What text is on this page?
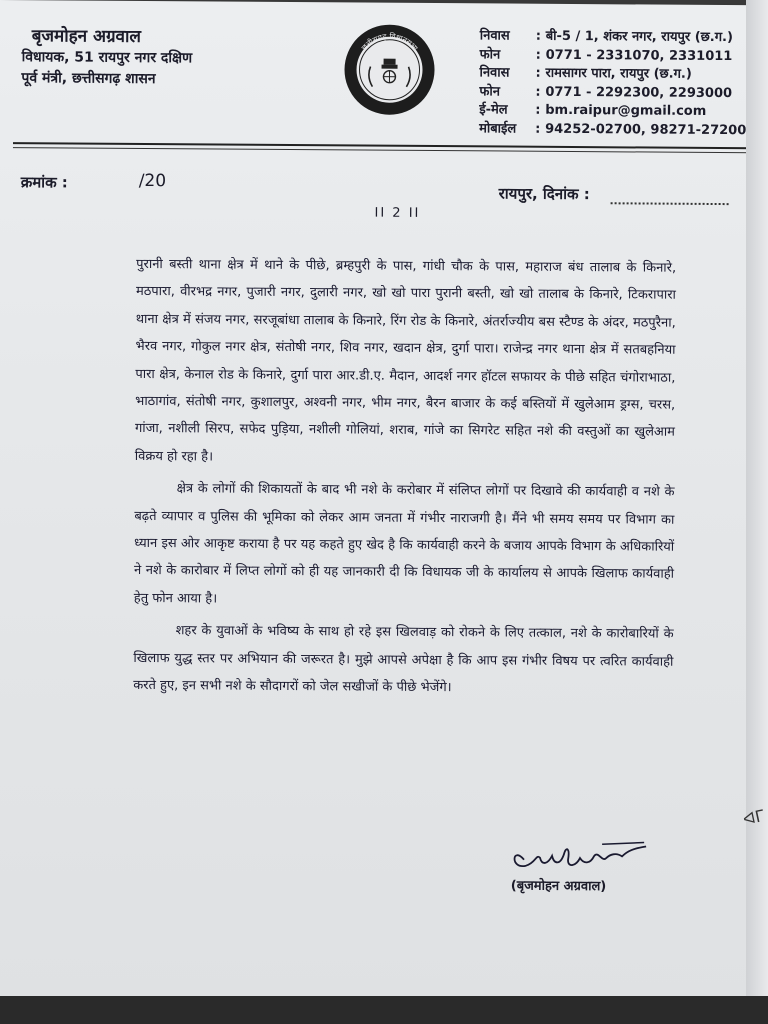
बृजमोहन अग्रवाल
विधायक, 51 रायपुर नगर दक्षिण
पूर्व मंत्री, छत्तीसगढ़ शासन
छत्तीसगढ़ विधानसभा
सत्यमेव जयते
निवास : बी-5 / 1, शंकर नगर, रायपुर (छ.ग.)
फोन	: 0771 - 2331070, 2331011
निवास : रामसागर पारा, रायपुर (छ.ग.)
फोन	: 0771 - 2292300, 2293000
ई-मेल : bm.raipur@gmail.com
मोबाईल : 94252-02700, 98271-27200
क्रमांक :	/20
रायपुर, दिनांक :
II 2 II

पुरानी बस्ती थाना क्षेत्र में थाने के पीछे, ब्रम्हपुरी के पास, गांधी चौक के पास, महाराज बंध तालाब के किनारे, मठपारा, वीरभद्र नगर, पुजारी नगर, दुलारी नगर, खो खो पारा पुरानी बस्ती, खो खो तालाब के किनारे, टिकरापारा थाना क्षेत्र में संजय नगर, सरजूबांधा तालाब के किनारे, रिंग रोड के किनारे, अंतर्राज्यीय बस स्टैण्ड के अंदर, मठपुरैना, भैरव नगर, गोकुल नगर क्षेत्र, संतोषी नगर, शिव नगर, खदान क्षेत्र, दुर्गा पारा। राजेन्द्र नगर थाना क्षेत्र में सतबहनिया पारा क्षेत्र, केनाल रोड के किनारे, दुर्गा पारा आर.डी.ए. मैदान, आदर्श नगर हॉटल सफायर के पीछे सहित चंगोराभाठा, भाठागांव, संतोषी नगर, कुशालपुर, अश्वनी नगर, भीम नगर, बैरन बाजार के कई बस्तियों में खुलेआम ड्रग्स, चरस, गांजा, नशीली सिरप, सफेद पुड़िया, नशीली गोलियां, शराब, गांजे का सिगरेट सहित नशे की वस्तुओं का खुलेआम विक्रय हो रहा है।

क्षेत्र के लोगों की शिकायतों के बाद भी नशे के करोबार में संलिप्त लोगों पर दिखावे की कार्यवाही व नशे के बढ़ते व्यापार व पुलिस की भूमिका को लेकर आम जनता में गंभीर नाराजगी है। मैंने भी समय समय पर विभाग का ध्यान इस ओर आकृष्ट कराया है पर यह कहते हुए खेद है कि कार्यवाही करने के बजाय आपके विभाग के अधिकारियों ने नशे के कारोबार में लिप्त लोगों को ही यह जानकारी दी कि विधायक जी के कार्यालय से आपके खिलाफ कार्यवाही हेतु फोन आया है।

शहर के युवाओं के भविष्य के साथ हो रहे इस खिलवाड़ को रोकने के लिए तत्काल, नशे के कारोबारियों के खिलाफ युद्ध स्तर पर अभियान की जरूरत है। मुझे आपसे अपेक्षा है कि आप इस गंभीर विषय पर त्वरित कार्यवाही करते हुए, इन सभी नशे के सौदागरों को जेल सखीजों के पीछे भेजेंगे।

(बृजमोहन अग्रवाल)
ᐊᒥ
